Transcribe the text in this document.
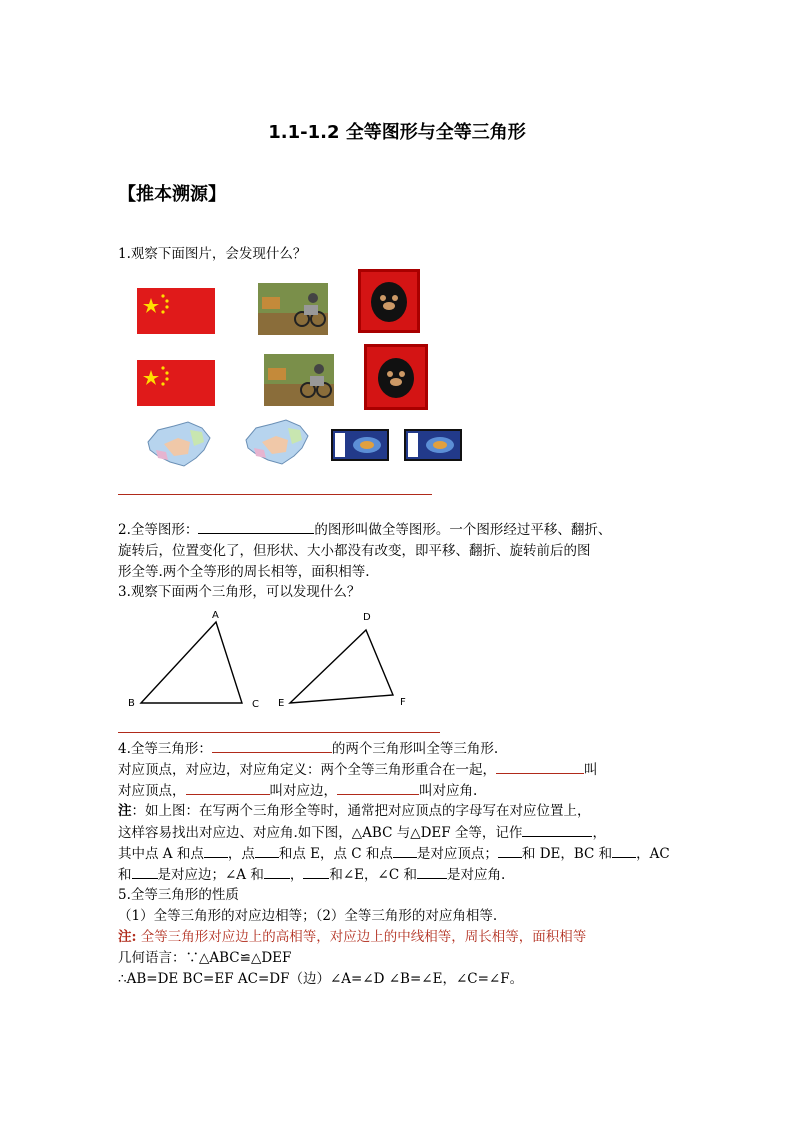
1.1-1.2 全等图形与全等三角形
【推本溯源】
1.观察下面图片，会发现什么？
2.全等图形：	的图形叫做全等图形。一个图形经过平移、翻折、
旋转后，位置变化了，但形状、大小都没有改变，即平移、翻折、旋转前后的图
形全等.两个全等形的周长相等，面积相等.
3.观察下面两个三角形，可以发现什么？
A
B	C
D
E	F
4.全等三角形：	的两个三角形叫全等三角形.
对应顶点，对应边，对应角定义：两个全等三角形重合在一起，	叫
对应顶点，	叫对应边，	叫对应角.
注：如上图：在写两个三角形全等时，通常把对应顶点的字母写在对应位置上，
这样容易找出对应边、对应角.如下图，△ABC 与△DEF 全等，记作	，
其中点 A 和点 ，点 和点 E，点 C 和点 是对应顶点； 和 DE，BC 和 ，AC
和 是对应边；∠A 和 ， 和∠E，∠C 和 是对应角.
5.全等三角形的性质
（1）全等三角形的对应边相等；（2）全等三角形的对应角相等.
注: 全等三角形对应边上的高相等，对应边上的中线相等，周长相等，面积相等
几何语言：∵△ABC≌△DEF
∴AB=DE BC=EF AC=DF（边）∠A=∠D ∠B=∠E，∠C=∠F。
